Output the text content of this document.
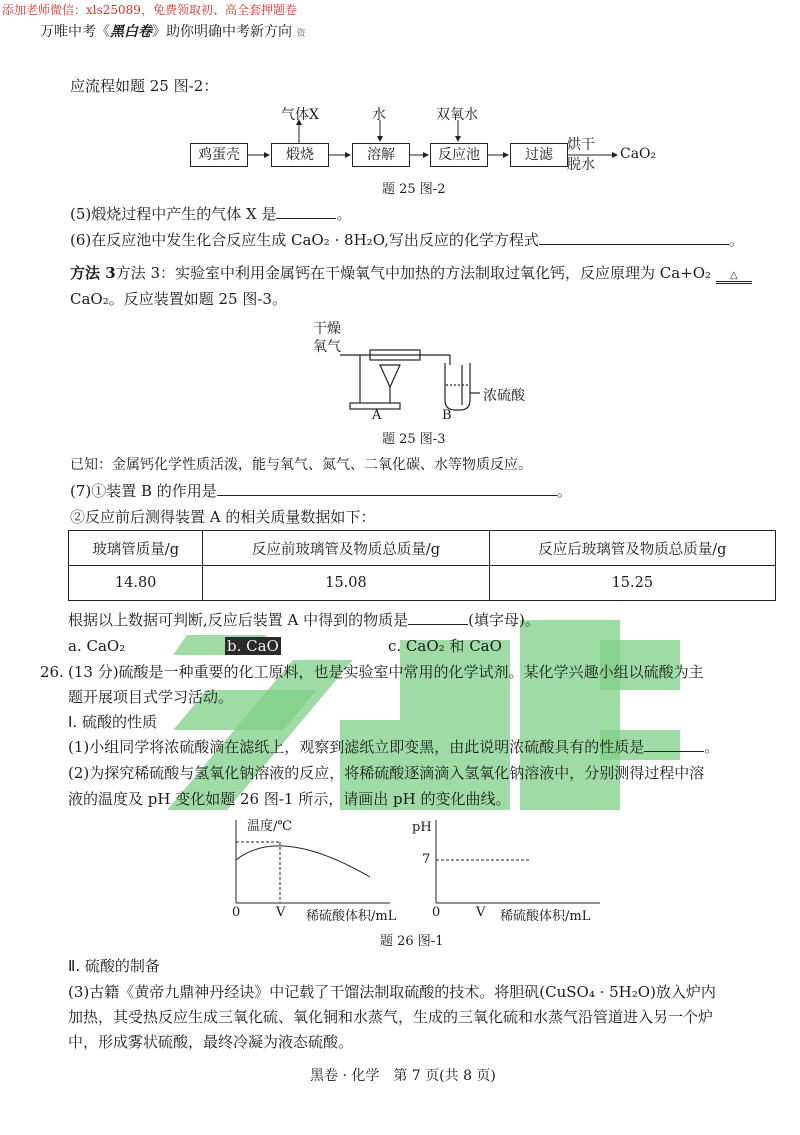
添加老师微信：xls25089，免费领取初、高全套押题卷
万唯中考《黑白卷》助你明确中考新方向 资
应流程如题 25 图-2：
鸡蛋壳	煅烧	溶解	反应池	过滤
气体X	水	双氧水
烘干
脱水
CaO₂
题 25 图-2
(5)煅烧过程中产生的气体 X 是	。
(6)在反应池中发生化合反应生成 CaO₂ · 8H₂O,写出反应的化学方程式	。
方法 3方法 3：实验室中利用金属钙在干燥氧气中加热的方法制取过氧化钙，反应原理为 Ca+O₂ △
CaO₂。反应装置如题 25 图-3。
干燥
氧气
A	B
浓硫酸
题 25 图-3
已知：金属钙化学性质活泼，能与氧气、氮气、二氧化碳、水等物质反应。
(7)①装置 B 的作用是	。
②反应前后测得装置 A 的相关质量数据如下：
玻璃管质量/g	反应前玻璃管及物质总质量/g	反应后玻璃管及物质总质量/g
14.80	15.08	15.25
根据以上数据可判断,反应后装置 A 中得到的物质是	(填字母)。
a. CaO₂	b. CaO	c. CaO₂ 和 CaO
26. (13 分)硫酸是一种重要的化工原料，也是实验室中常用的化学试剂。某化学兴趣小组以硫酸为主
题开展项目式学习活动。
Ⅰ. 硫酸的性质
(1)小组同学将浓硫酸滴在滤纸上，观察到滤纸立即变黑，由此说明浓硫酸具有的性质是	。
(2)为探究稀硫酸与氢氧化钠溶液的反应，将稀硫酸逐滴滴入氢氧化钠溶液中，分别测得过程中溶
液的温度及 pH 变化如题 26 图-1 所示，请画出 pH 的变化曲线。
温度/℃
0	V 稀硫酸体积/mL
pH
7
0	V 稀硫酸体积/mL
题 26 图-1
Ⅱ. 硫酸的制备
(3)古籍《黄帝九鼎神丹经诀》中记载了干馏法制取硫酸的技术。将胆矾(CuSO₄ · 5H₂O)放入炉内
加热，其受热反应生成三氧化硫、氧化铜和水蒸气，生成的三氧化硫和水蒸气沿管道进入另一个炉
中，形成雾状硫酸，最终冷凝为液态硫酸。
黑卷 · 化学　第 7 页(共 8 页)
